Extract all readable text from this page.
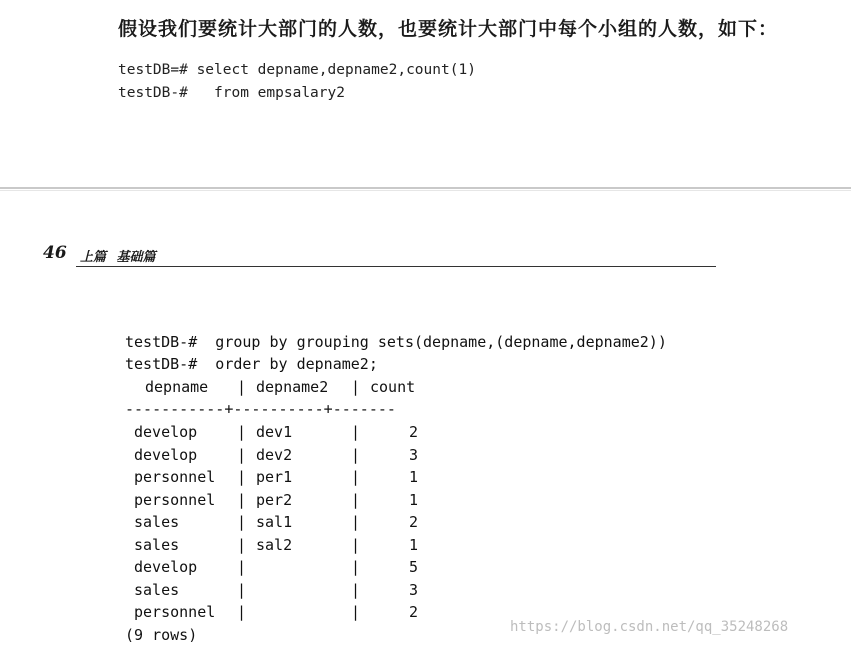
假设我们要统计大部门的人数，也要统计大部门中每个小组的人数，如下：
testDB=# select depname,depname2,count(1)
testDB-#   from empsalary2
46 上篇 基础篇
testDB-#  group by grouping sets(depname,(depname,depname2))
testDB-#  order by depname2;
depname | depname2 | count
-----------+----------+-------
develop	| dev1	|	2
develop	| dev2	|	3
personnel | per1	|	1
personnel | per2	|	1
sales	| sal1	|	2
sales	| sal2	|	1
develop	|	|	5
sales	|	|	3
personnel |	|	2
(9 rows)	https://blog.csdn.net/qq_35248268
